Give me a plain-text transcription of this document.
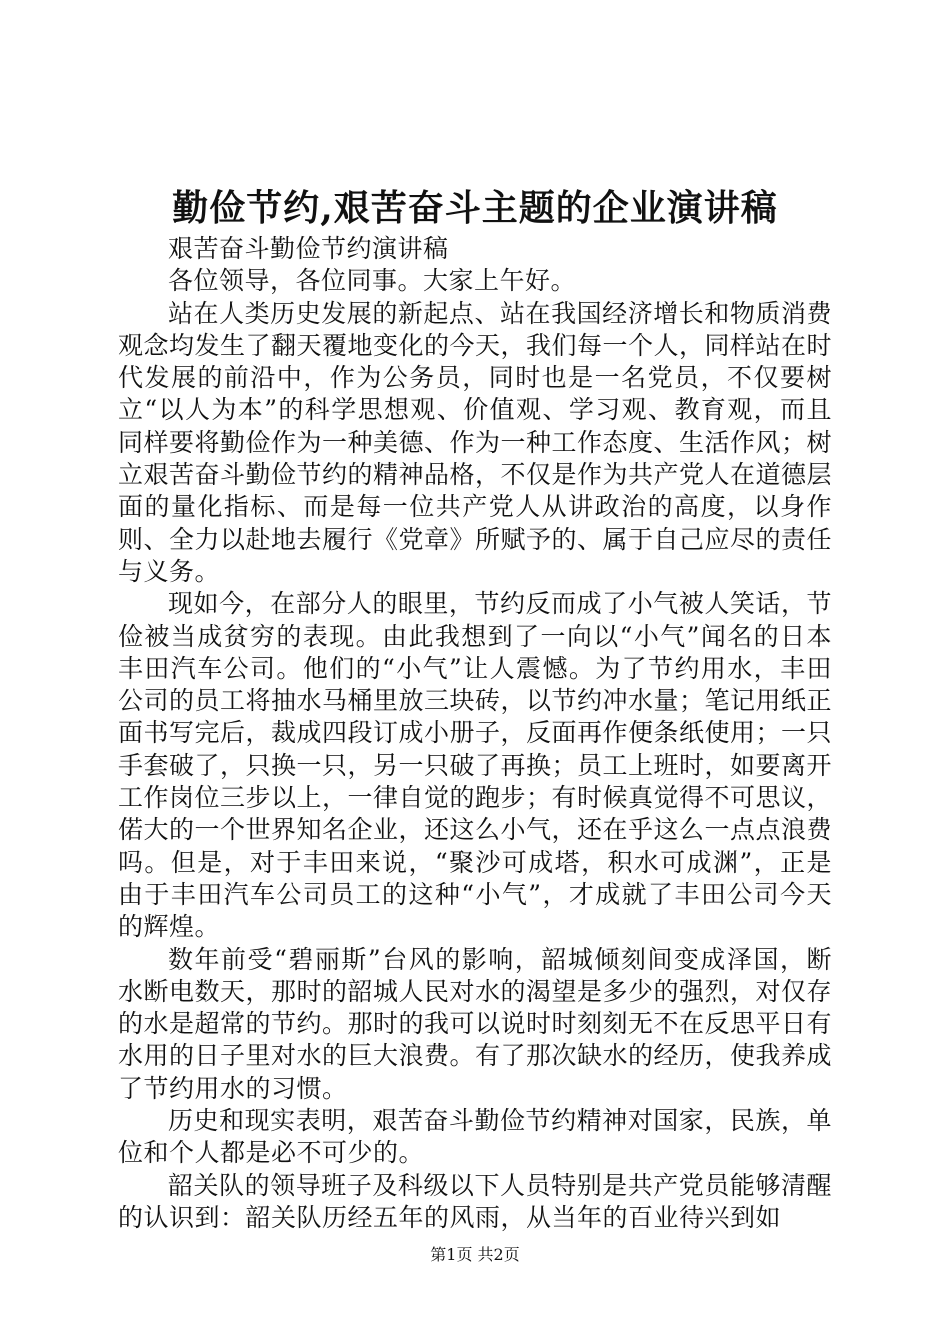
勤俭节约,艰苦奋斗主题的企业演讲稿

艰苦奋斗勤俭节约演讲稿

各位领导，各位同事。大家上午好。

站在人类历史发展的新起点、站在我国经济增长和物质消费观念均发生了翻天覆地变化的今天，我们每一个人，同样站在时代发展的前沿中，作为公务员，同时也是一名党员，不仅要树立“以人为本”的科学思想观、价值观、学习观、教育观，而且同样要将勤俭作为一种美德、作为一种工作态度、生活作风；树立艰苦奋斗勤俭节约的精神品格，不仅是作为共产党人在道德层面的量化指标、而是每一位共产党人从讲政治的高度，以身作则、全力以赴地去履行《党章》所赋予的、属于自己应尽的责任与义务。

现如今，在部分人的眼里，节约反而成了小气被人笑话，节俭被当成贫穷的表现。由此我想到了一向以“小气”闻名的日本丰田汽车公司。他们的“小气”让人震憾。为了节约用水，丰田公司的员工将抽水马桶里放三块砖，以节约冲水量；笔记用纸正面书写完后，裁成四段订成小册子，反面再作便条纸使用；一只手套破了，只换一只，另一只破了再换；员工上班时，如要离开工作岗位三步以上，一律自觉的跑步；有时候真觉得不可思议，偌大的一个世界知名企业，还这么小气，还在乎这么一点点浪费吗。但是，对于丰田来说，“聚沙可成塔，积水可成渊”，正是由于丰田汽车公司员工的这种“小气”，才成就了丰田公司今天的辉煌。

数年前受“碧丽斯”台风的影响，韶城倾刻间变成泽国，断水断电数天，那时的韶城人民对水的渴望是多少的强烈，对仅存的水是超常的节约。那时的我可以说时时刻刻无不在反思平日有水用的日子里对水的巨大浪费。有了那次缺水的经历，使我养成了节约用水的习惯。

历史和现实表明，艰苦奋斗勤俭节约精神对国家，民族，单位和个人都是必不可少的。

韶关队的领导班子及科级以下人员特别是共产党员能够清醒的认识到：韶关队历经五年的风雨，从当年的百业待兴到如

第1页 共2页
